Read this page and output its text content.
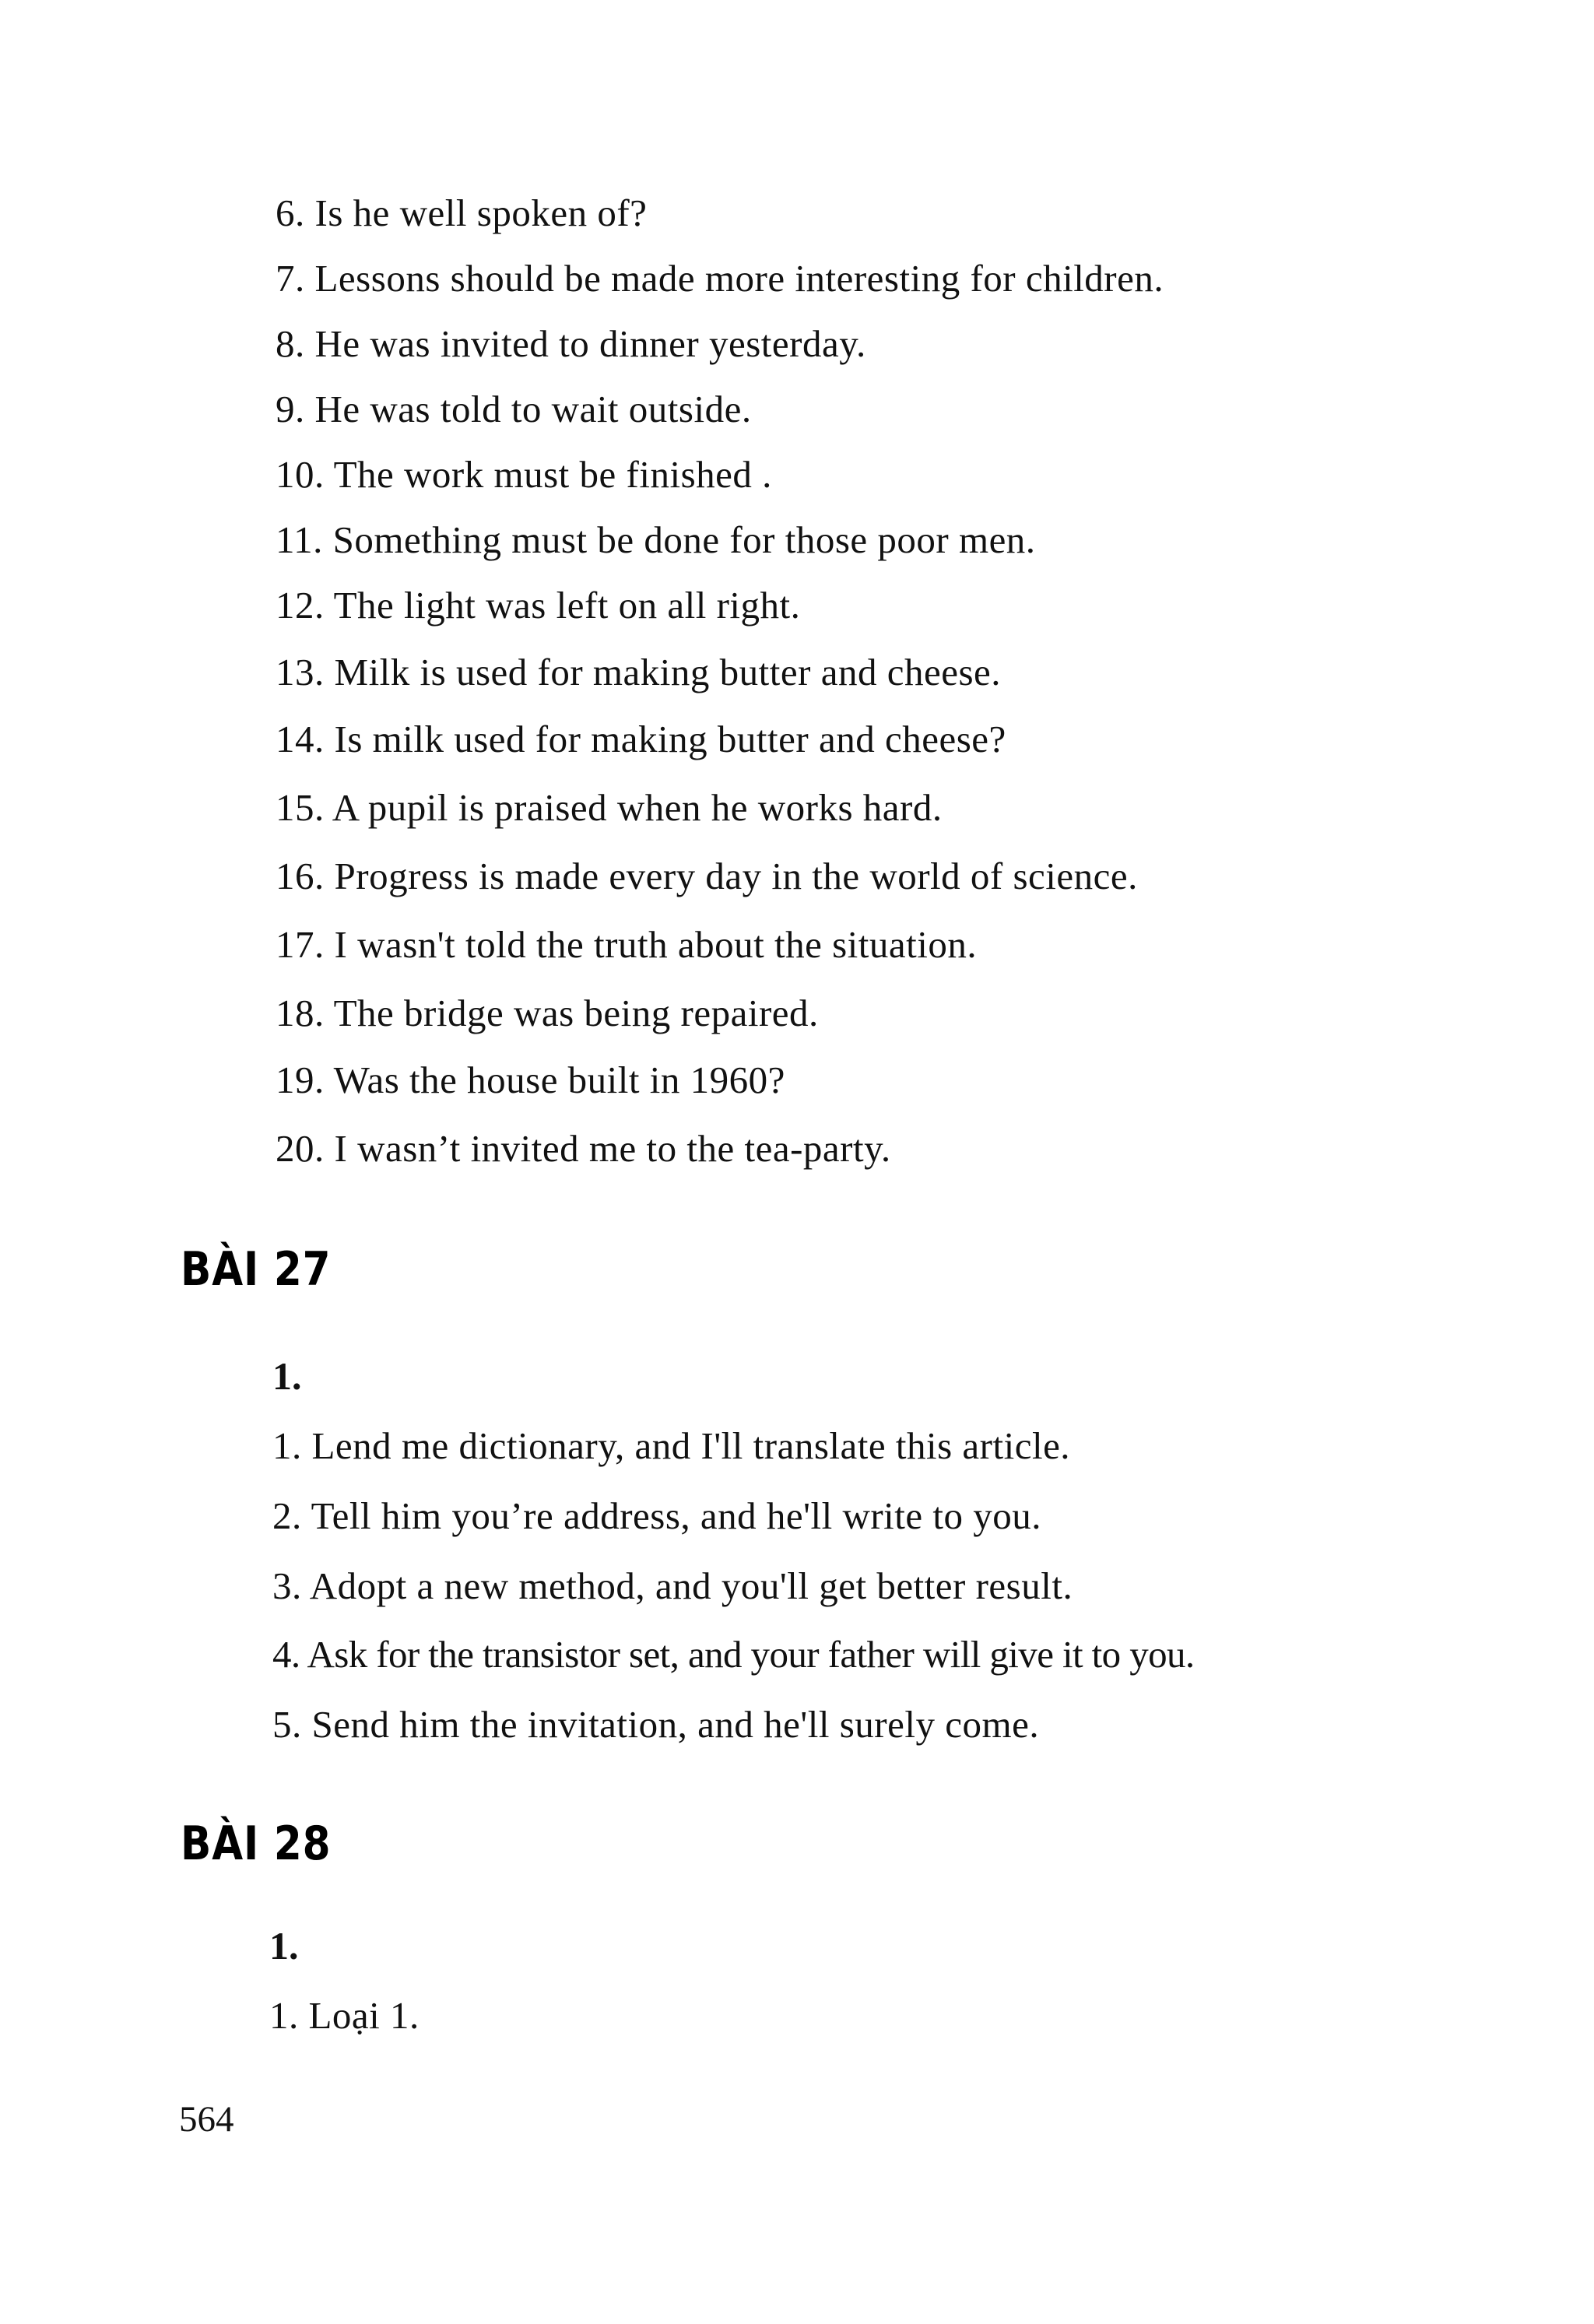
6. Is he well spoken of?
7. Lessons should be made more interesting for children.
8. He was invited to dinner yesterday.
9. He was told to wait outside.
10. The work must be finished .
11. Something must be done for those poor men.
12. The light was left on all right.
13. Milk is used for making butter and cheese.
14. Is milk used for making butter and cheese?
15. A pupil is praised when he works hard.
16. Progress is made every day in the world of science.
17. I wasn't told the truth about the situation.
18. The bridge was being repaired.
19. Was the house built in 1960?
20. I wasn’t invited me to the tea-party.
BÀI 27
1.
1. Lend me dictionary, and I'll translate this article.
2. Tell him you’re address, and he'll write to you.
3. Adopt a new method, and you'll get better result.
4. Ask for the transistor set, and your father will give it to you.
5. Send him the invitation, and he'll surely come.
BÀI 28
1.
1. Loại 1.
564
